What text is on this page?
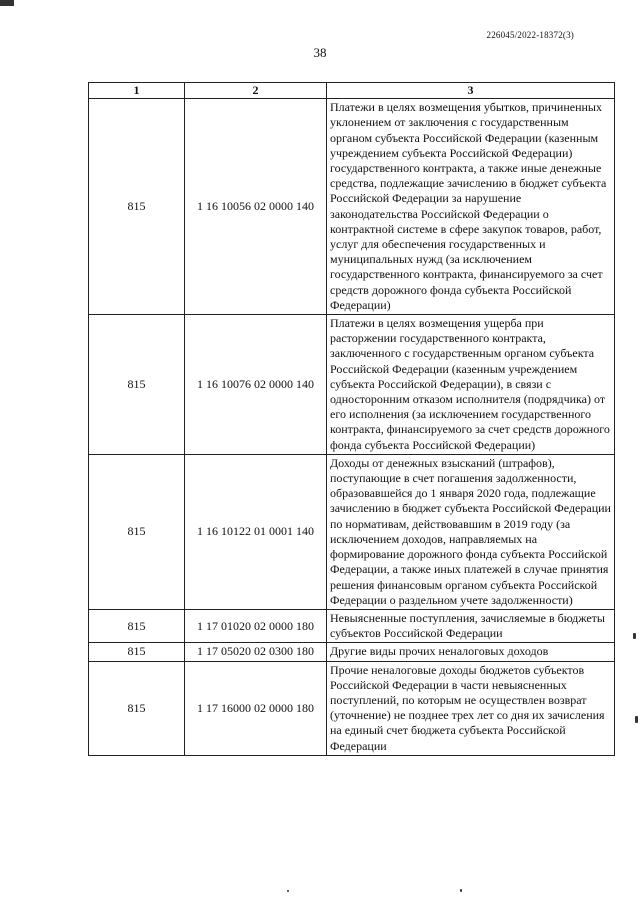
226045/2022-18372(3)
38
1	2	3
815	1 16 10056 02 0000 140	Платежи в целях возмещения убытков, причиненных уклонением от заключения с государственным органом субъекта Российской Федерации (казенным учреждением субъекта Российской Федерации) государственного контракта, а также иные денежные средства, подлежащие зачислению в бюджет субъекта Российской Федерации за нарушение законодательства Российской Федерации о контрактной системе в сфере закупок товаров, работ, услуг для обеспечения государственных и муниципальных нужд (за исключением государственного контракта, финансируемого за счет средств дорожного фонда субъекта Российской Федерации)
815	1 16 10076 02 0000 140	Платежи в целях возмещения ущерба при расторжении государственного контракта, заключенного с государственным органом субъекта Российской Федерации (казенным учреждением субъекта Российской Федерации), в связи с односторонним отказом исполнителя (подрядчика) от его исполнения (за исключением государственного контракта, финансируемого за счет средств дорожного фонда субъекта Российской Федерации)
815	1 16 10122 01 0001 140	Доходы от денежных взысканий (штрафов), поступающие в счет погашения задолженности, образовавшейся до 1 января 2020 года, подлежащие зачислению в бюджет субъекта Российской Федерации по нормативам, действовавшим в 2019 году (за исключением доходов, направляемых на формирование дорожного фонда субъекта Российской Федерации, а также иных платежей в случае принятия решения финансовым органом субъекта Российской Федерации о раздельном учете задолженности)
815	1 17 01020 02 0000 180	Невыясненные поступления, зачисляемые в бюджеты субъектов Российской Федерации
815	1 17 05020 02 0300 180	Другие виды прочих неналоговых доходов
815	1 17 16000 02 0000 180	Прочие неналоговые доходы бюджетов субъектов Российской Федерации в части невыясненных поступлений, по которым не осуществлен возврат (уточнение) не позднее трех лет со дня их зачисления на единый счет бюджета субъекта Российской Федерации
